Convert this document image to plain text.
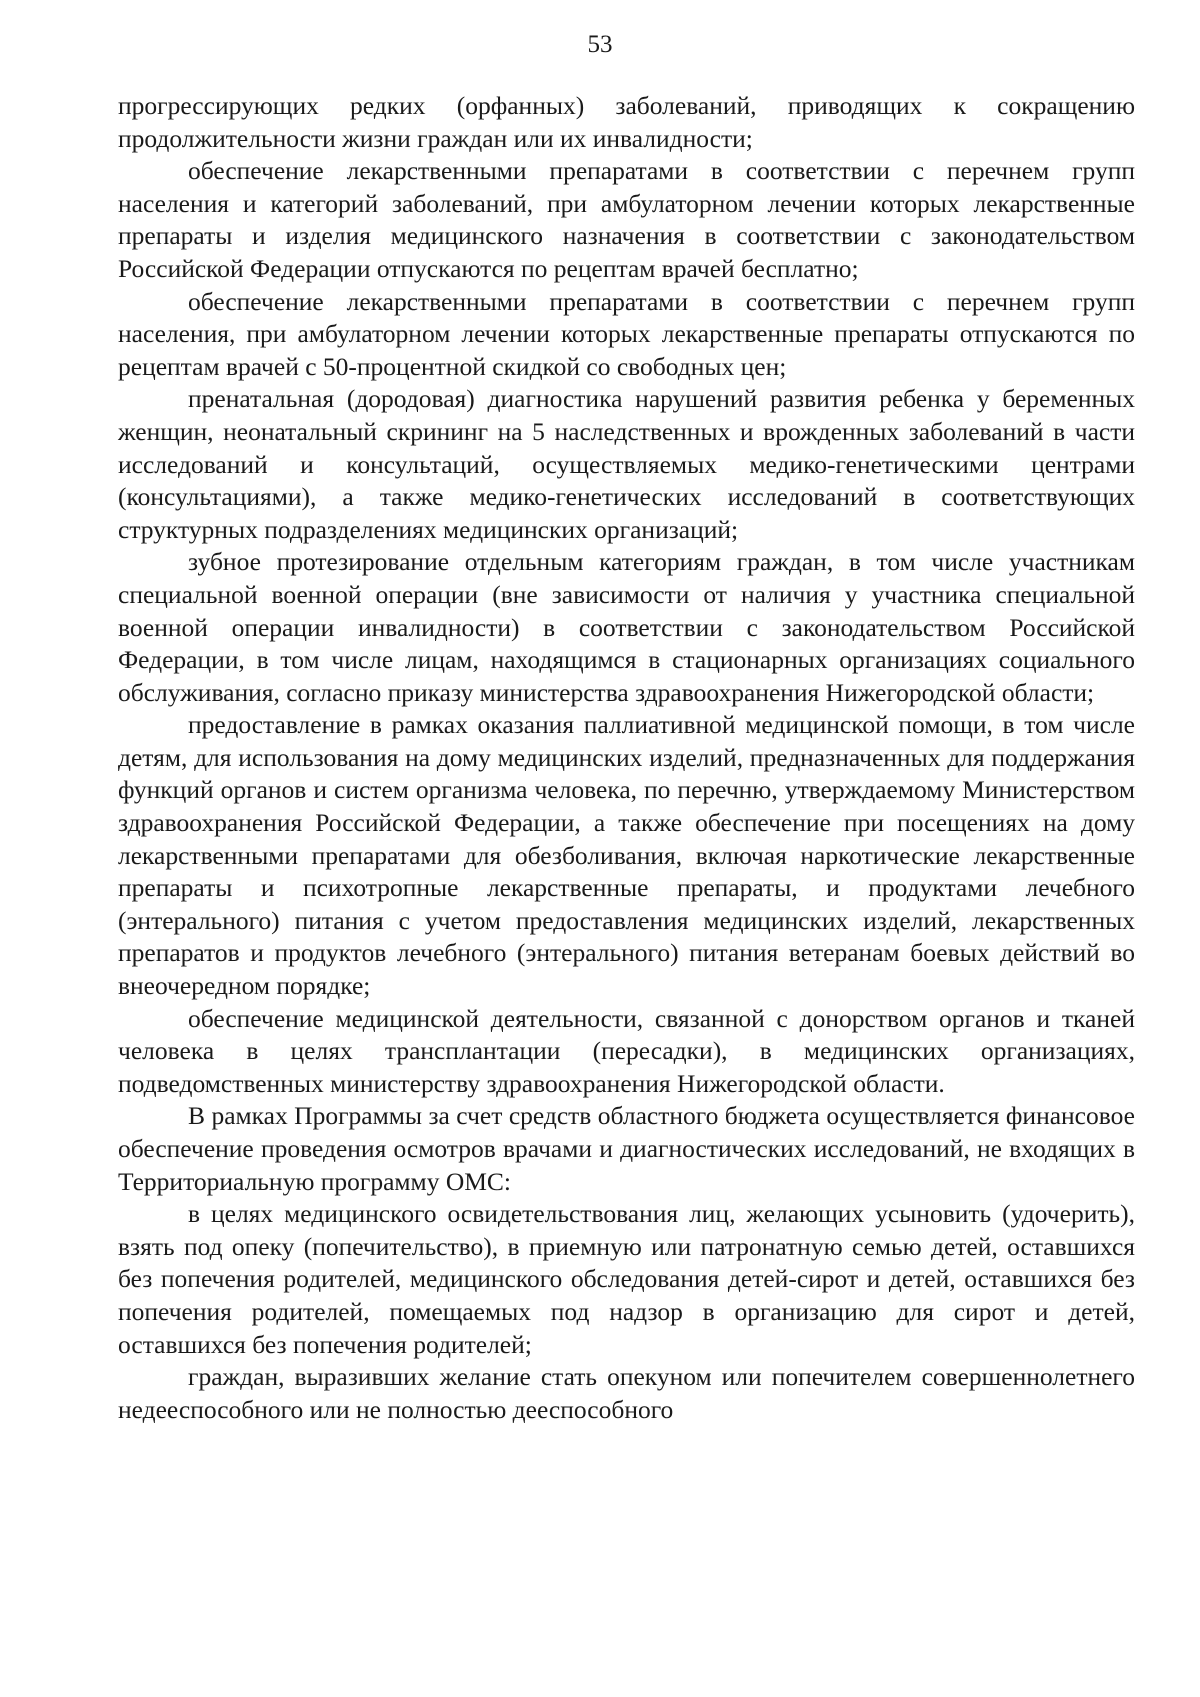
53

прогрессирующих редких (орфанных) заболеваний, приводящих к сокращению продолжительности жизни граждан или их инвалидности;

обеспечение лекарственными препаратами в соответствии с перечнем групп населения и категорий заболеваний, при амбулаторном лечении которых лекарственные препараты и изделия медицинского назначения в соответствии с законодательством Российской Федерации отпускаются по рецептам врачей бесплатно;

обеспечение лекарственными препаратами в соответствии с перечнем групп населения, при амбулаторном лечении которых лекарственные препараты отпускаются по рецептам врачей с 50-процентной скидкой со свободных цен;

пренатальная (дородовая) диагностика нарушений развития ребенка у беременных женщин, неонатальный скрининг на 5 наследственных и врожденных заболеваний в части исследований и консультаций, осуществляемых медико-генетическими центрами (консультациями), а также медико-генетических исследований в соответствующих структурных подразделениях медицинских организаций;

зубное протезирование отдельным категориям граждан, в том числе участникам специальной военной операции (вне зависимости от наличия у участника специальной военной операции инвалидности) в соответствии с законодательством Российской Федерации, в том числе лицам, находящимся в стационарных организациях социального обслуживания, согласно приказу министерства здравоохранения Нижегородской области;

предоставление в рамках оказания паллиативной медицинской помощи, в том числе детям, для использования на дому медицинских изделий, предназначенных для поддержания функций органов и систем организма человека, по перечню, утверждаемому Министерством здравоохранения Российской Федерации, а также обеспечение при посещениях на дому лекарственными препаратами для обезболивания, включая наркотические лекарственные препараты и психотропные лекарственные препараты, и продуктами лечебного (энтерального) питания с учетом предоставления медицинских изделий, лекарственных препаратов и продуктов лечебного (энтерального) питания ветеранам боевых действий во внеочередном порядке;

обеспечение медицинской деятельности, связанной с донорством органов и тканей человека в целях трансплантации (пересадки), в медицинских организациях, подведомственных министерству здравоохранения Нижегородской области.

В рамках Программы за счет средств областного бюджета осуществляется финансовое обеспечение проведения осмотров врачами и диагностических исследований, не входящих в Территориальную программу ОМС:

в целях медицинского освидетельствования лиц, желающих усыновить (удочерить), взять под опеку (попечительство), в приемную или патронатную семью детей, оставшихся без попечения родителей, медицинского обследования детей-сирот и детей, оставшихся без попечения родителей, помещаемых под надзор в организацию для сирот и детей, оставшихся без попечения родителей;

граждан, выразивших желание стать опекуном или попечителем совершеннолетнего недееспособного или не полностью дееспособного
